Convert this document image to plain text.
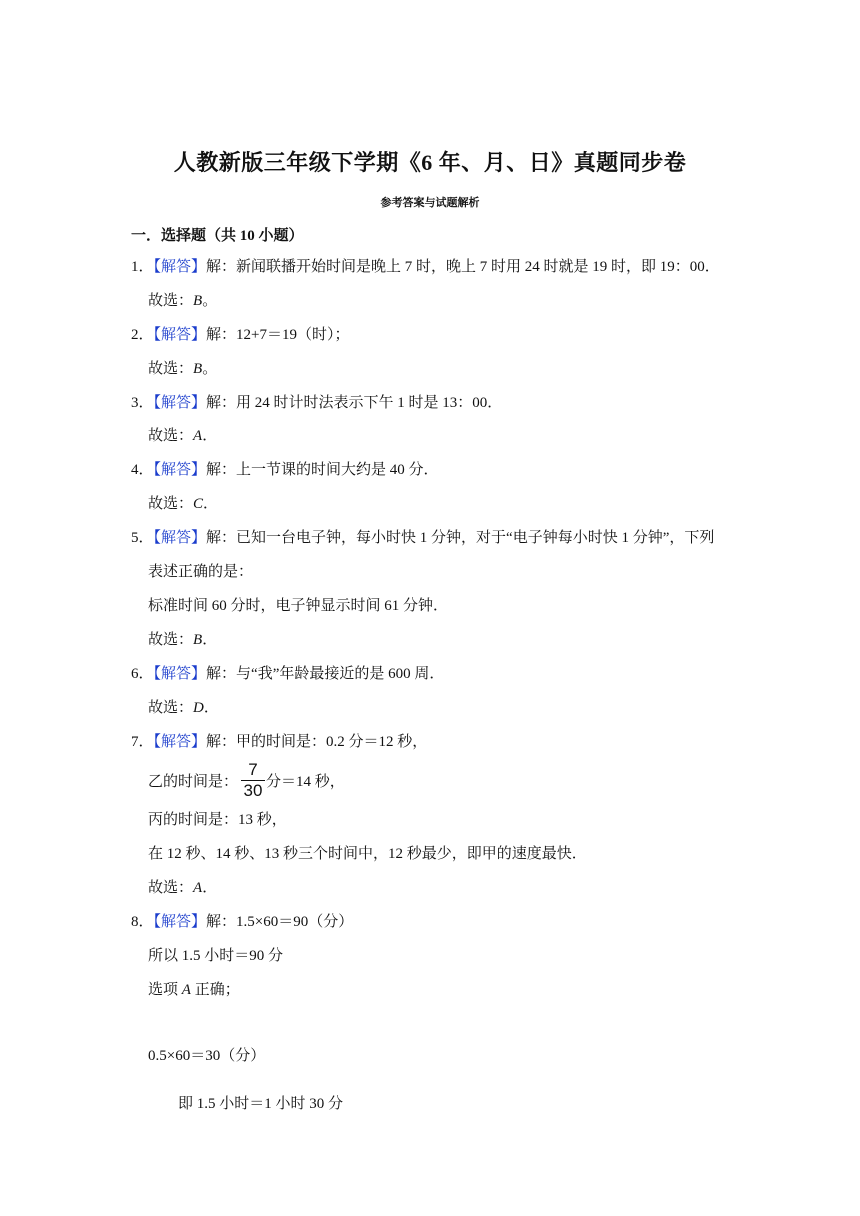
人教新版三年级下学期《6 年、月、日》真题同步卷
参考答案与试题解析
一．选择题（共 10 小题）
1．【解答】解：新闻联播开始时间是晚上 7 时，晚上 7 时用 24 时就是 19 时，即 19：00．
故选：B。
2．【解答】解：12+7＝19（时）；
故选：B。
3．【解答】解：用 24 时计时法表示下午 1 时是 13：00．
故选：A．
4．【解答】解：上一节课的时间大约是 40 分．
故选：C．
5．【解答】解：已知一台电子钟，每小时快 1 分钟，对于“电子钟每小时快 1 分钟”，下列
表述正确的是：
标准时间 60 分时，电子钟显示时间 61 分钟．
故选：B．
6．【解答】解：与“我”年龄最接近的是 600 周．
故选：D．
7．【解答】解：甲的时间是：0.2 分＝12 秒，
乙的时间是：
7
30 分＝14 秒，
丙的时间是：13 秒，
在 12 秒、14 秒、13 秒三个时间中，12 秒最少，即甲的速度最快．
故选：A．
8．【解答】解：1.5×60＝90（分）
所以 1.5 小时＝90 分
选项 A 正确；
0.5×60＝30（分）
即 1.5 小时＝1 小时 30 分
